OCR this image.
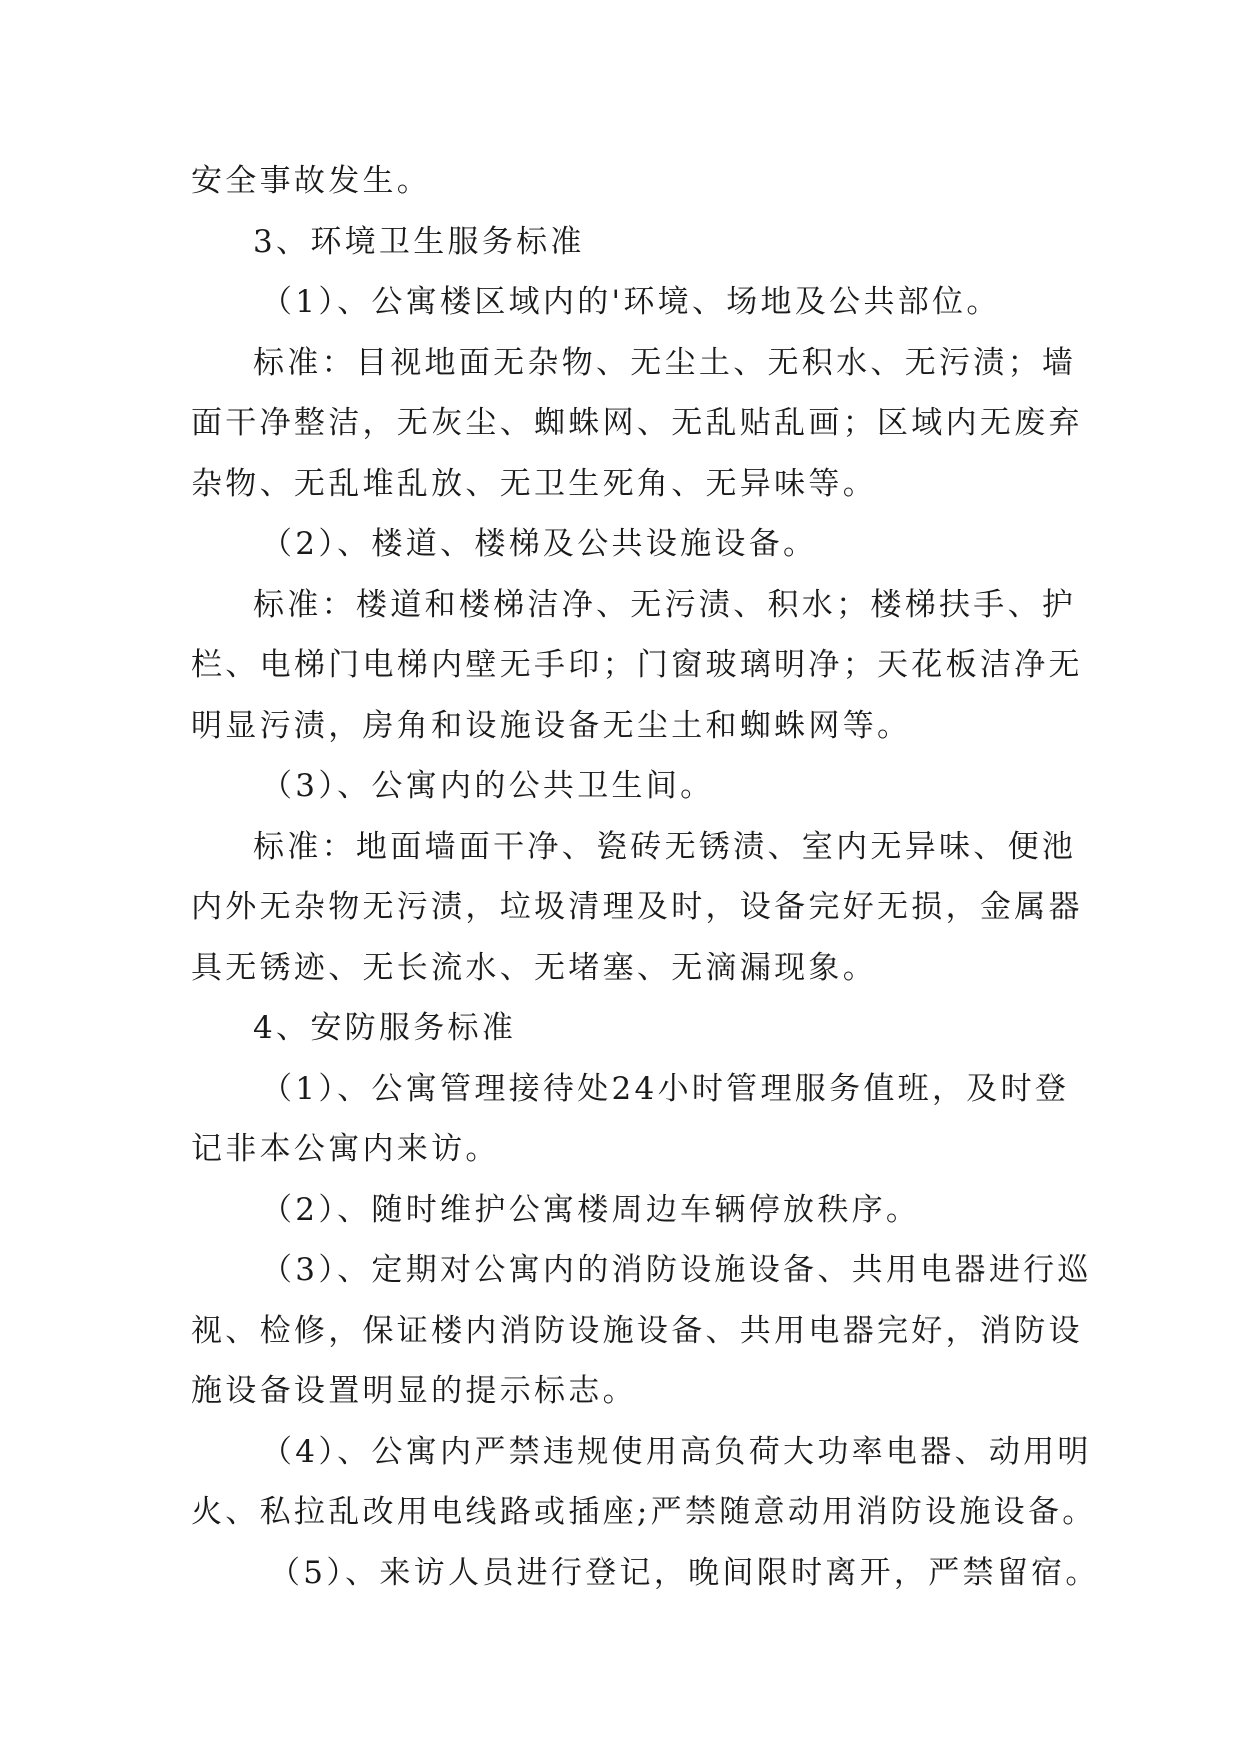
安全事故发生。

3、环境卫生服务标准

（1）、公寓楼区域内的'环境、场地及公共部位。

标准：目视地面无杂物、无尘土、无积水、无污渍；墙

面干净整洁，无灰尘、蜘蛛网、无乱贴乱画；区域内无废弃

杂物、无乱堆乱放、无卫生死角、无异味等。

（2）、楼道、楼梯及公共设施设备。

标准：楼道和楼梯洁净、无污渍、积水；楼梯扶手、护

栏、电梯门电梯内壁无手印；门窗玻璃明净；天花板洁净无

明显污渍，房角和设施设备无尘土和蜘蛛网等。

（3）、公寓内的公共卫生间。

标准：地面墙面干净、瓷砖无锈渍、室内无异味、便池

内外无杂物无污渍，垃圾清理及时，设备完好无损，金属器

具无锈迹、无长流水、无堵塞、无滴漏现象。

4、安防服务标准

（1）、公寓管理接待处24小时管理服务值班，及时登

记非本公寓内来访。

（2）、随时维护公寓楼周边车辆停放秩序。

（3）、定期对公寓内的消防设施设备、共用电器进行巡

视、检修，保证楼内消防设施设备、共用电器完好，消防设

施设备设置明显的提示标志。

（4）、公寓内严禁违规使用高负荷大功率电器、动用明

火、私拉乱改用电线路或插座;严禁随意动用消防设施设备。

（5）、来访人员进行登记，晚间限时离开，严禁留宿。
